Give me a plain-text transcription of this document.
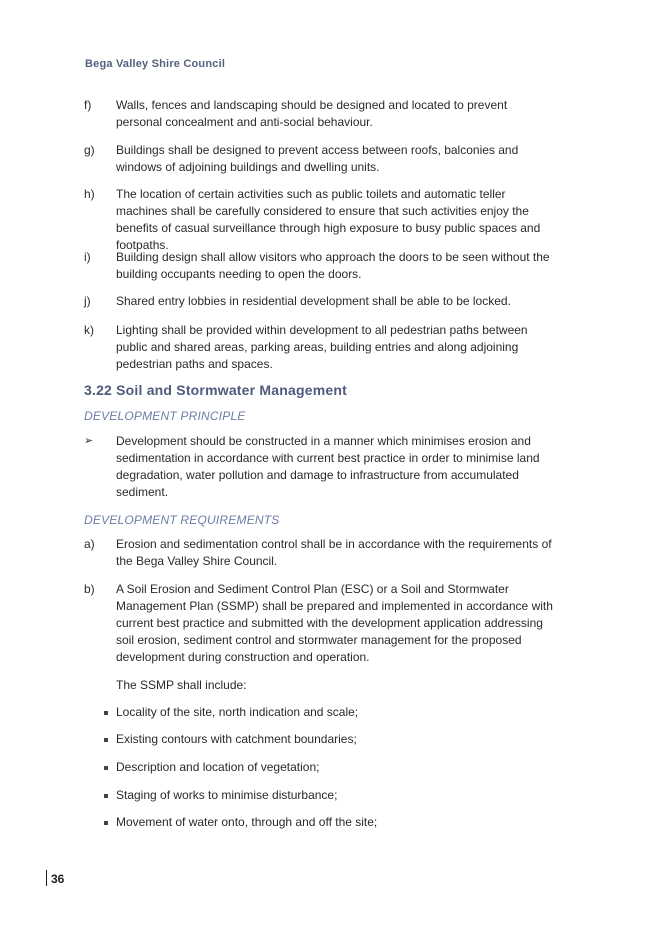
Bega Valley Shire Council
f)	Walls, fences and landscaping should be designed and located to prevent personal concealment and anti-social behaviour.
g)	Buildings shall be designed to prevent access between roofs, balconies and windows of adjoining buildings and dwelling units.
h)	The location of certain activities such as public toilets and automatic teller machines shall be carefully considered to ensure that such activities enjoy the benefits of casual surveillance through high exposure to busy public spaces and footpaths.
i)	Building design shall allow visitors who approach the doors to be seen without the building occupants needing to open the doors.
j)	Shared entry lobbies in residential development shall be able to be locked.
k)	Lighting shall be provided within development to all pedestrian paths between public and shared areas, parking areas, building entries and along adjoining pedestrian paths and spaces.
3.22 Soil and Stormwater Management
DEVELOPMENT PRINCIPLE
➢	Development should be constructed in a manner which minimises erosion and sedimentation in accordance with current best practice in order to minimise land degradation, water pollution and damage to infrastructure from accumulated sediment.
DEVELOPMENT REQUIREMENTS
a)	Erosion and sedimentation control shall be in accordance with the requirements of the Bega Valley Shire Council.
b)	A Soil Erosion and Sediment Control Plan (ESC) or a Soil and Stormwater Management Plan (SSMP) shall be prepared and implemented in accordance with current best practice and submitted with the development application addressing soil erosion, sediment control and stormwater management for the proposed development during construction and operation.
The SSMP shall include:
Locality of the site, north indication and scale;
Existing contours with catchment boundaries;
Description and location of vegetation;
Staging of works to minimise disturbance;
Movement of water onto, through and off the site;
36
